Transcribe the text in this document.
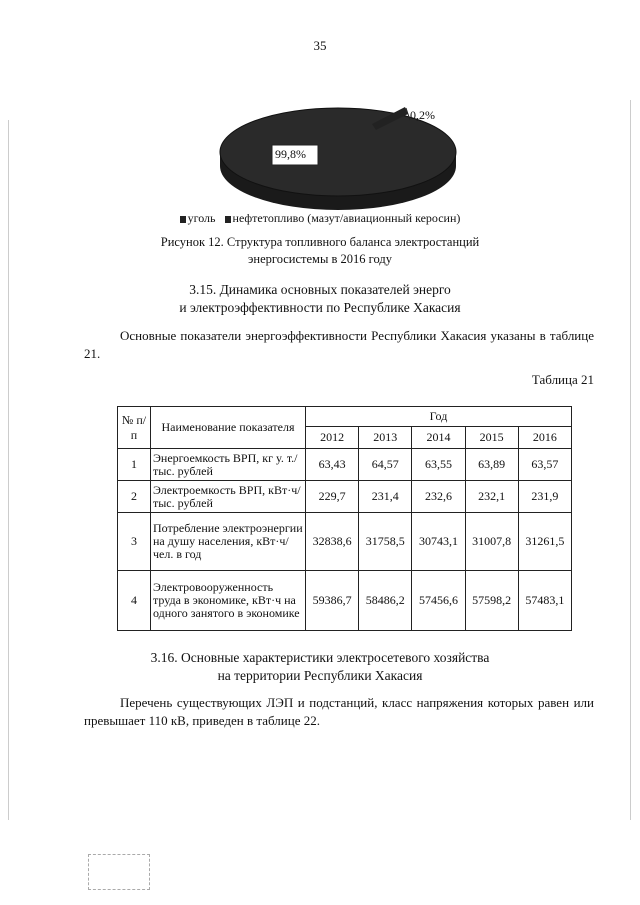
35
99,8%
0,2%
уголь нефтетопливо (мазут/авиационный керосин)
Рисунок 12. Структура топливного баланса электростанций
энергосистемы в 2016 году
3.15. Динамика основных показателей энерго
и электроэффективности по Республике Хакасия
Основные показатели энергоэффективности Республики Хакасия указаны в таблице 21.
Таблица 21
№ п/п	Наименование показателя	Год				
		2012	2013	2014	2015	2016
1	Энергоемкость ВРП, кг у. т./тыс. рублей	63,43	64,57	63,55	63,89	63,57
2	Электроемкость ВРП, кВт·ч/тыс. рублей	229,7	231,4	232,6	232,1	231,9
3	Потребление электроэнергии на душу населения, кВт·ч/чел. в год	32838,6	31758,5	30743,1	31007,8	31261,5
4	Электровооруженность труда в экономике, кВт·ч на одного занятого в экономике	59386,7	58486,2	57456,6	57598,2	57483,1
3.16. Основные характеристики электросетевого хозяйства
на территории Республики Хакасия
Перечень существующих ЛЭП и подстанций, класс напряжения которых равен или превышает 110 кВ, приведен в таблице 22.
